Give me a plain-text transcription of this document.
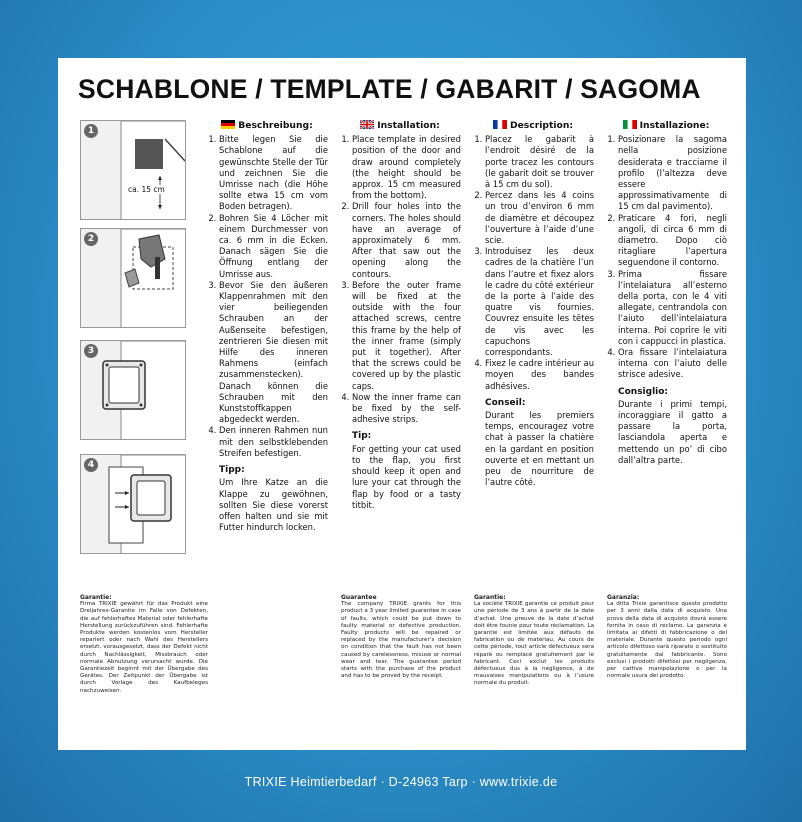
SCHABLONE / TEMPLATE / GABARIT / SAGOMA
1
ca. 15 cm
2
3
4
Beschreibung:
1. Bitte legen Sie die Schablone auf die gewünschte Stelle der Tür und zeichnen Sie die Umrisse nach (die Höhe sollte etwa 15 cm vom Boden betragen).
2. Bohren Sie 4 Löcher mit einem Durchmesser von ca. 6 mm in die Ecken. Danach sägen Sie die Öffnung entlang der Umrisse aus.
3. Bevor Sie den äußeren Klappenrahmen mit den vier beiliegenden Schrauben an der Außenseite befestigen, zentrieren Sie diesen mit Hilfe des inneren Rahmens (einfach zusammenstecken). Danach können die Schrauben mit den Kunststoffkappen abgedeckt werden.
4. Den inneren Rahmen nun mit den selbstklebenden Streifen befestigen.
Tipp:
Um Ihre Katze an die Klappe zu gewöhnen, sollten Sie diese vorerst offen halten und sie mit Futter hindurch locken.
Installation:
1. Place template in desired position of the door and draw around completely (the height should be approx. 15 cm measured from the bottom).
2. Drill four holes into the corners. The holes should have an average of approximately 6 mm. After that saw out the opening along the contours.
3. Before the outer frame will be fixed at the outside with the four attached screws, centre this frame by the help of the inner frame (simply put it together). After that the screws could be covered up by the plastic caps.
4. Now the inner frame can be fixed by the self-adhesive strips.
Tip:
For getting your cat used to the flap, you first should keep it open and lure your cat through the flap by food or a tasty titbit.
Description:
1. Placez le gabarit à l’endroit désiré de la porte tracez les contours (le gabarit doit se trouver à 15 cm du sol).
2. Percez dans les 4 coins un trou d’environ 6 mm de diamètre et découpez l’ouverture à l’aide d’une scie.
3. Introduisez les deux cadres de la chatière l’un dans l’autre et fixez alors le cadre du côté extérieur de la porte à l’aide des quatre vis fournies. Couvrez ensuite les têtes de vis avec les capuchons correspondants.
4. Fixez le cadre intérieur au moyen des bandes adhésives.
Conseil:
Durant les premiers temps, encouragez votre chat à passer la chatière en la gardant en position ouverte et en mettant un peu de nourriture de l’autre côté.
Installazione:
1. Posizionare la sagoma nella posizione desiderata e tracciarne il profilo (l’altezza deve essere approssimativamente di 15 cm dal pavimento).
2. Praticare 4 fori, negli angoli, di circa 6 mm di diametro. Dopo ciò ritagliare l’apertura seguendone il contorno.
3. Prima fissare l’intelaiatura all’esterno della porta, con le 4 viti allegate, centrandola con l’aiuto dell’intelaiatura interna. Poi coprire le viti con i cappucci in plastica.
4. Ora fissare l’intelaiatura interna con l’aiuto delle strisce adesive.
Consiglio:
Durante i primi tempi, incoraggiare il gatto a passare la porta, lasciandola aperta e mettendo un po’ di cibo dall’altra parte.
Garantie:
Firma TRIXIE gewährt für das Produkt eine Dreijahres-Garantie im Falle von Defekten, die auf fehlerhaftes Material oder fehlerhafte Herstellung zurückzuführen sind. Fehlerhafte Produkte werden kostenlos vom Hersteller repariert oder nach Wahl des Herstellers ersetzt, vorausgesetzt, dass der Defekt nicht durch Nachlässigkeit, Missbrauch oder normale Abnutzung verursacht wurde. Die Garantiezeit beginnt mit der Übergabe des Gerätes. Der Zeitpunkt der Übergabe ist durch Vorlage des Kaufbeleges nachzuweisen.
Guarantee
The company TRIXIE grants for this product a 3 year limited guarantee in case of faults, which could be put down to faulty material or defective production. Faulty products will be repaired or replaced by the manufacturer’s decision on condition that the fault has not been caused by carelessness, misuse or normal wear and tear. The guarantee period starts with the purchase of the product and has to be proved by the receipt.
Garantie:
La société TRIXIE garantie ce produit pour une période de 3 ans à partir de la date d’achat. Une preuve de la date d’achat doit être founie pour toute réclamation. La garantie est limitée aux défauts de fabrication ou de matériau. Au cours de cette période, tout article défectueux sera réparé ou remplacé gratuitement par le fabricant. Ceci exclut les produits défectueux dus à la négligence, à de mauvaises manipulations ou à l’usure normale du produit.
Garanzia:
La ditta Trixie garantisce questo prodotto per 3 anni dalla data di acquisto. Una prova della data di acquisto dovrà essere fornita in caso di reclamo. La garanzia è limitata ai difetti di fabbricazione o del materiale. Durante questo periodo ogni articolo difettoso sarà riparato o sostituito gratuitamente dal fabbricante. Sono esclusi i prodotti difettosi per negligenza, per cattiva manipolazione o per la normale usura del prodotto.
TRIXIE Heimtierbedarf · D-24963 Tarp · www.trixie.de
